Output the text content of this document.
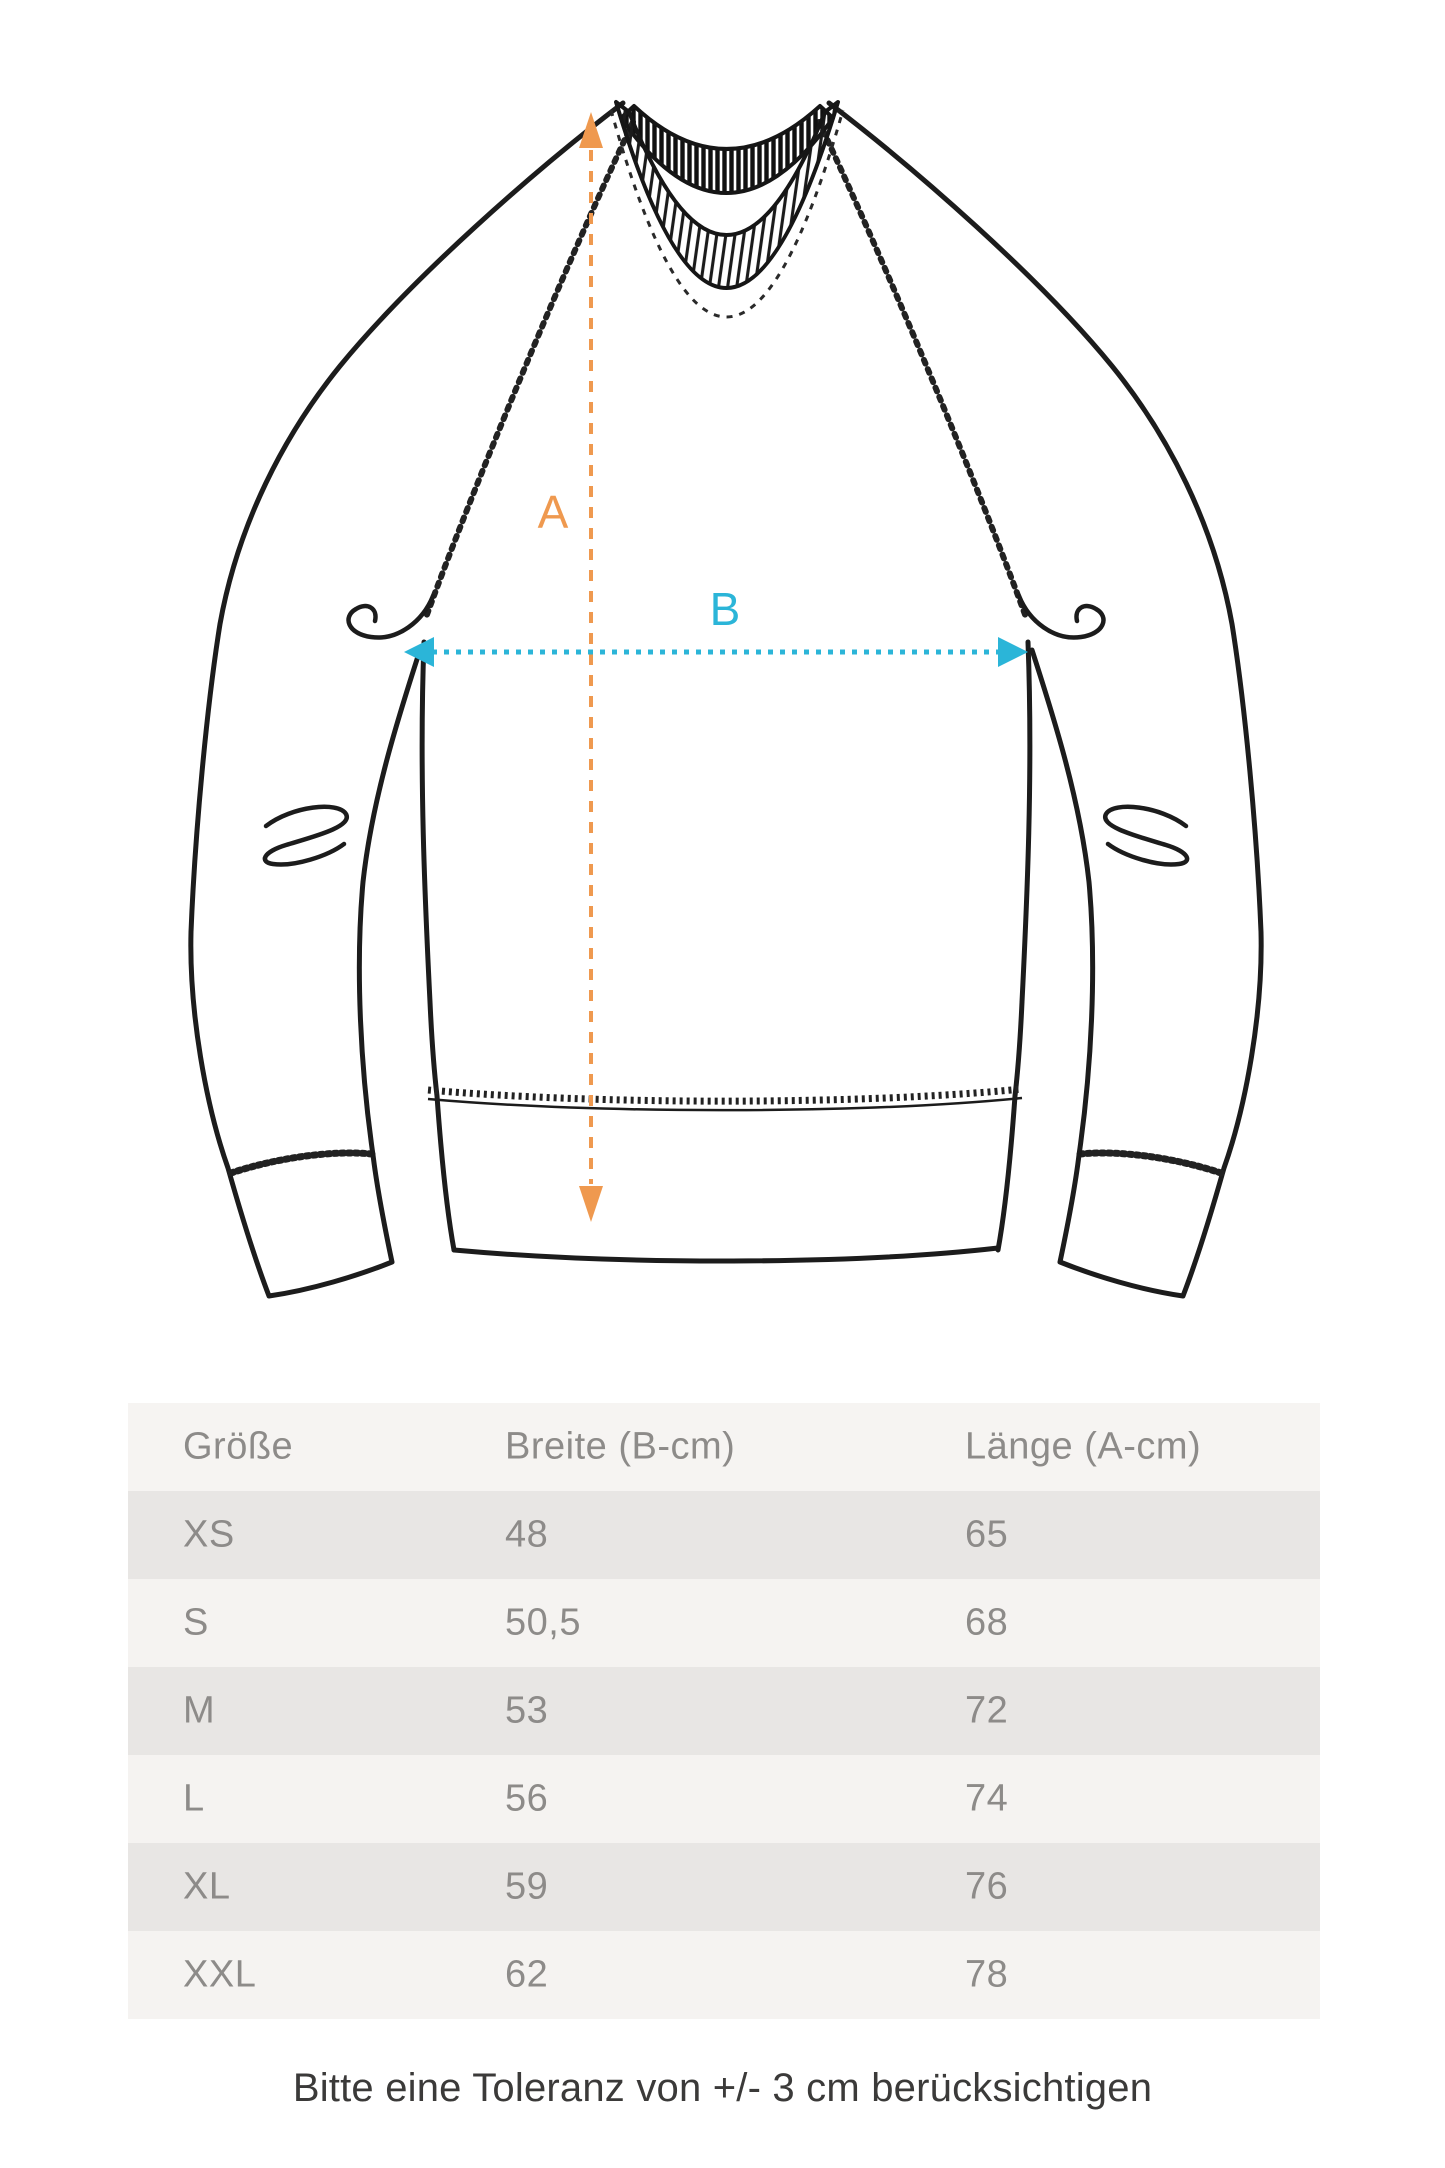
A
B
Größe	Breite (B-cm)	Länge (A-cm)
XS	48	65
S	50,5	68
M	53	72
L	56	74
XL	59	76
XXL	62	78
Bitte eine Toleranz von +/- 3 cm berücksichtigen
